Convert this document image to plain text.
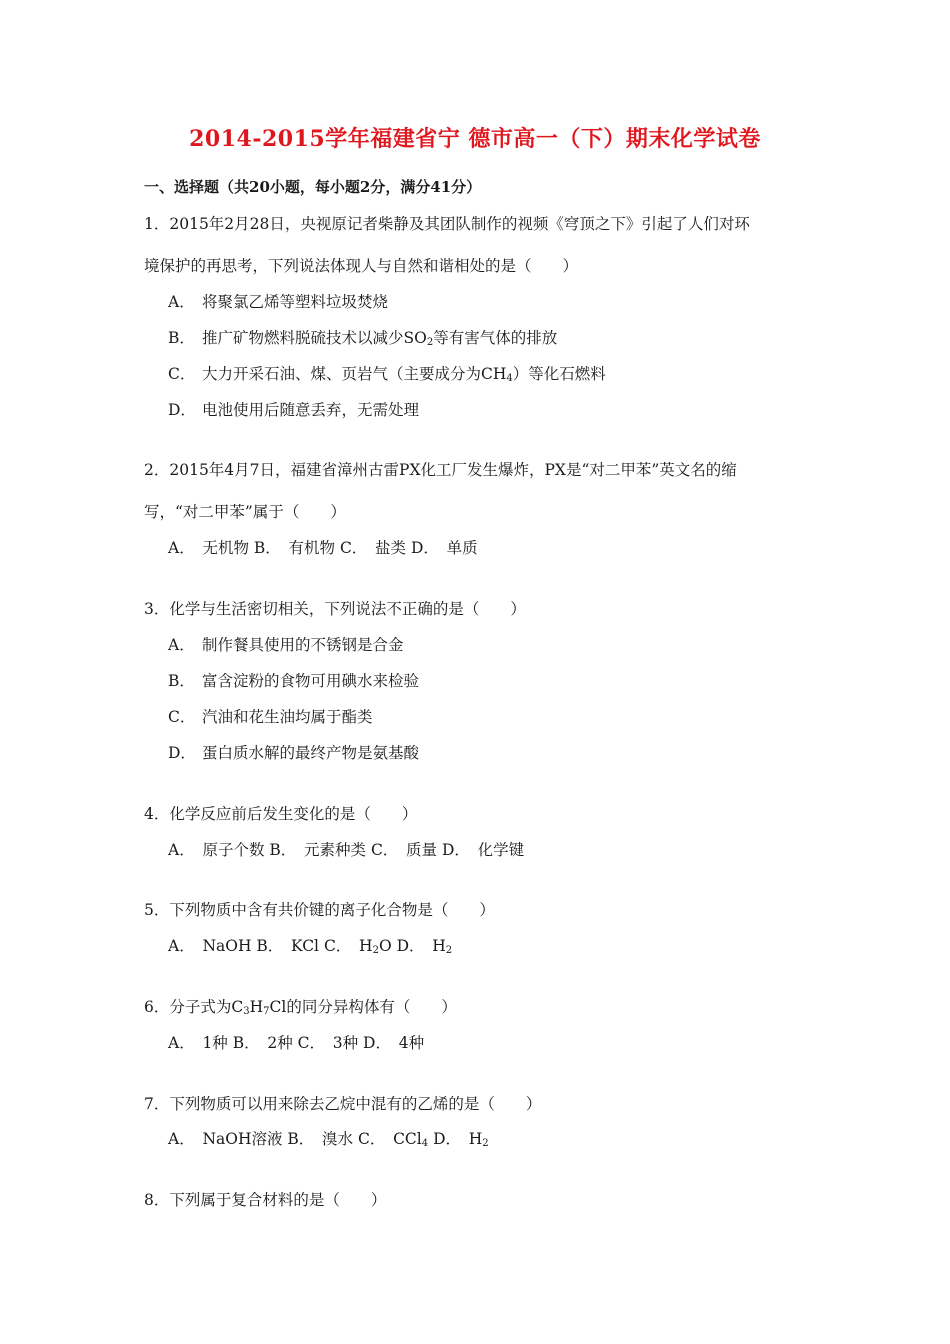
2014-2015学年福建省宁 德市高一（下）期末化学试卷
一、选择题（共20小题，每小题2分，满分41分）
1．2015年2月28日，央视原记者柴静及其团队制作的视频《穹顶之下》引起了人们对环
境保护的再思考，下列说法体现人与自然和谐相处的是（　　）
A． 将聚氯乙烯等塑料垃圾焚烧
B． 推广矿物燃料脱硫技术以减少$SO_2$等有害气体的排放
C． 大力开采石油、煤、页岩气（主要成分为$CH_4$）等化石燃料
D． 电池使用后随意丢弃，无需处理
2．2015年4月7日，福建省漳州古雷PX化工厂发生爆炸，PX是“对二甲苯”英文名的缩
写，“对二甲苯”属于（　　）
A．　无机物 B．　有机物 C．　盐类 D．　单质
3．化学与生活密切相关，下列说法不正确的是（　　）
A． 制作餐具使用的不锈钢是合金
B． 富含淀粉的食物可用碘水来检验
C． 汽油和花生油均属于酯类
D． 蛋白质水解的最终产物是氨基酸
4．化学反应前后发生变化的是（　　）
A．　原子个数 B．　元素种类 C．　质量 D．　化学键
5．下列物质中含有共价键的离子化合物是（　　）
A．　NaOH B．　KCl C．　$H_2O$ D．　$H_2$
6．分子式为$C_3H_7Cl$的同分异构体有（　　）
A．　1种 B．　2种 C．　3种 D．　4种
7．下列物质可以用来除去乙烷中混有的乙烯的是（　　）
A．　NaOH溶液 B．　溴水 C．　CCl$_4$ D．　$H_2$
8．下列属于复合材料的是（　　）
